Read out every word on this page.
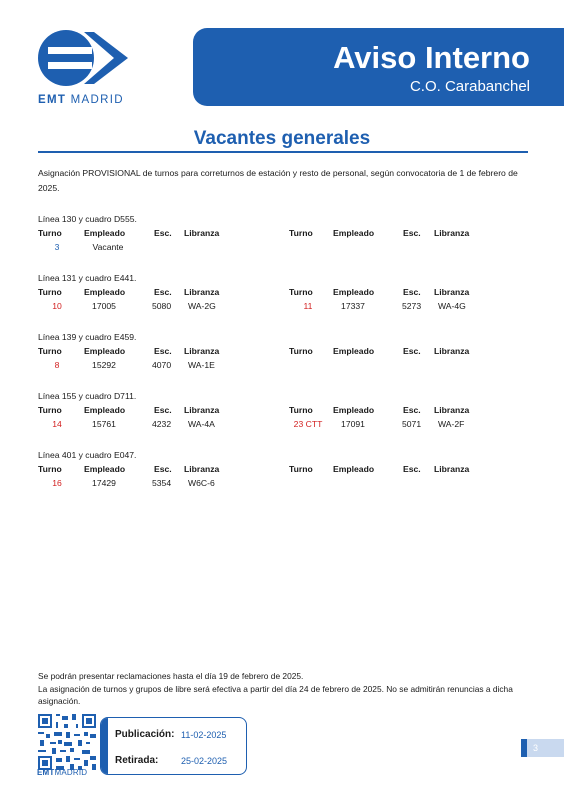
EMT MADRID
Aviso Interno
C.O. Carabanchel
Vacantes generales
Asignación PROVISIONAL de turnos para correturnos de estación y resto de personal, según convocatoria de 1 de febrero de 2025.
Línea 130 y cuadro D555.
Turno	Empleado	Esc. Libranza	Turno Empleado	Esc. Libranza
3	Vacante
Línea 131 y cuadro E441.
Turno	Empleado	Esc. Libranza	Turno Empleado	Esc. Libranza
10	17005	5080 WA-2G	11	17337	5273 WA-4G
Línea 139 y cuadro E459.
Turno	Empleado	Esc. Libranza	Turno Empleado	Esc. Libranza
8	15292	4070 WA-1E
Línea 155 y cuadro D711.
Turno	Empleado	Esc. Libranza	Turno Empleado	Esc. Libranza
14	15761	4232 WA-4A	23 CTT	17091	5071 WA-2F
Línea 401 y cuadro E047.
Turno	Empleado	Esc. Libranza	Turno Empleado	Esc. Libranza
16	17429	5354 W6C-6
Se podrán presentar reclamaciones hasta el día 19 de febrero de 2025.
La asignación de turnos y grupos de libre será efectiva a partir del día 24 de febrero de 2025. No se admitirán renuncias a dicha asignación.
EMTMADRID
Publicación: 11-02-2025
Retirada:	25-02-2025
3
